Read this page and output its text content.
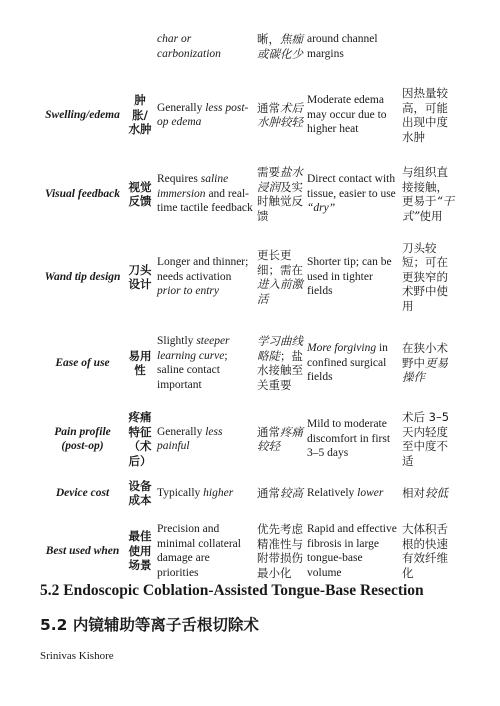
		char or carbonization	晰，焦痂或碳化少	around channel margins	
Swelling/edema	肿胀/水肿	Generally less post-op edema	通常术后水肿较轻	Moderate edema may occur due to higher heat	因热量较高，可能出现中度水肿
Visual feedback	视觉反馈	Requires saline immersion and real-time tactile feedback	需要盐水浸润及实时触觉反馈	Direct contact with tissue, easier to use “dry”	与组织直接接触，更易于“干式”使用
Wand tip design	刀头设计	Longer and thinner; needs activation prior to entry	更长更细；需在进入前激活	Shorter tip; can be used in tighter fields	刀头较短；可在更狭窄的术野中使用
Ease of use	易用性	Slightly steeper learning curve; saline contact important	学习曲线略陡；盐水接触至关重要	More forgiving in confined surgical fields	在狭小术野中更易操作
Pain profile (post-op)	疼痛特征（术后）	Generally less painful	通常疼痛较轻	Mild to moderate discomfort in first 3–5 days	术后 3–5 天内轻度至中度不适
Device cost	设备成本	Typically higher	通常较高	Relatively lower	相对较低
Best used when	最佳使用场景	Precision and minimal collateral damage are priorities	优先考虑精准性与附带损伤最小化	Rapid and effective fibrosis in large tongue-base volume	大体积舌根的快速有效纤维化
5.2 Endoscopic Coblation-Assisted Tongue-Base Resection
5.2 内镜辅助等离子舌根切除术
Srinivas Kishore
